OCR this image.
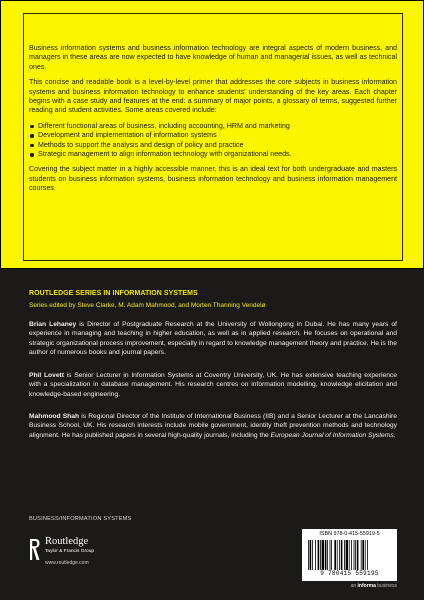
Business information systems and business information technology are integral aspects of modern business, and managers in these areas are now expected to have knowledge of human and managerial issues, as well as technical ones.

This concise and readable book is a level-by-level primer that addresses the core subjects in business information systems and business information technology to enhance students' understanding of the key areas. Each chapter begins with a case study and features at the end: a summary of major points, a glossary of terms, suggested further reading and student activities. Some areas covered include:

Different functional areas of business, including accounting, HRM and marketing
Development and implementation of information systems
Methods to support the analysis and design of policy and practice
Strategic management to align information technology with organizational needs.

Covering the subject matter in a highly accessible manner, this is an ideal text for both undergraduate and masters students on business information systems, business information technology and business information management courses.

ROUTLEDGE SERIES IN INFORMATION SYSTEMS
Series edited by Steve Clarke, M. Adam Mahmood, and Morten Thanning Vendelø

Brian Lehaney is Director of Postgraduate Research at the University of Wollongong in Dubai. He has many years of experience in managing and teaching in higher education, as well as in applied research. He focuses on operational and strategic organizational process improvement, especially in regard to knowledge management theory and practice. He is the author of numerous books and journal papers.

Phil Lovett is Senior Lecturer in Information Systems at Coventry University, UK. He has extensive teaching experience with a specialization in database management. His research centres on information modelling, knowledge elicitation and knowledge-based engineering.

Mahmood Shah is Regional Director of the Institute of International Business (IIB) and a Senior Lecturer at the Lancashire Business School, UK. His research interests include mobile government, identity theft prevention methods and technology alignment. He has published papers in several high-quality journals, including the European Journal of Information Systems.

BUSINESS/INFORMATION SYSTEMS
Routledge
Taylor & Francis Group
www.routledge.com
ISBN 978-0-415-55919-5
9 780415 559195
an informa business
